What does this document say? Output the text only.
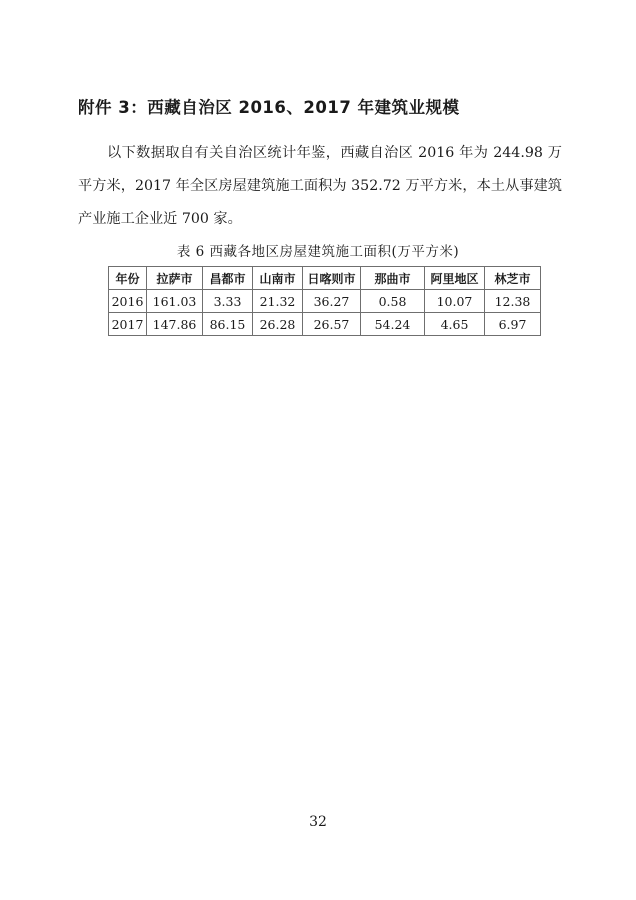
附件 3：西藏自治区 2016、2017 年建筑业规模

以下数据取自有关自治区统计年鉴，西藏自治区 2016 年为 244.98 万平方米，2017 年全区房屋建筑施工面积为 352.72 万平方米，本土从事建筑产业施工企业近 700 家。

表 6 西藏各地区房屋建筑施工面积(万平方米)
年份	拉萨市	昌都市	山南市	日喀则市	那曲市	阿里地区	林芝市
2016	161.03	3.33	21.32	36.27	0.58	10.07	12.38
2017	147.86	86.15	26.28	26.57	54.24	4.65	6.97
32
